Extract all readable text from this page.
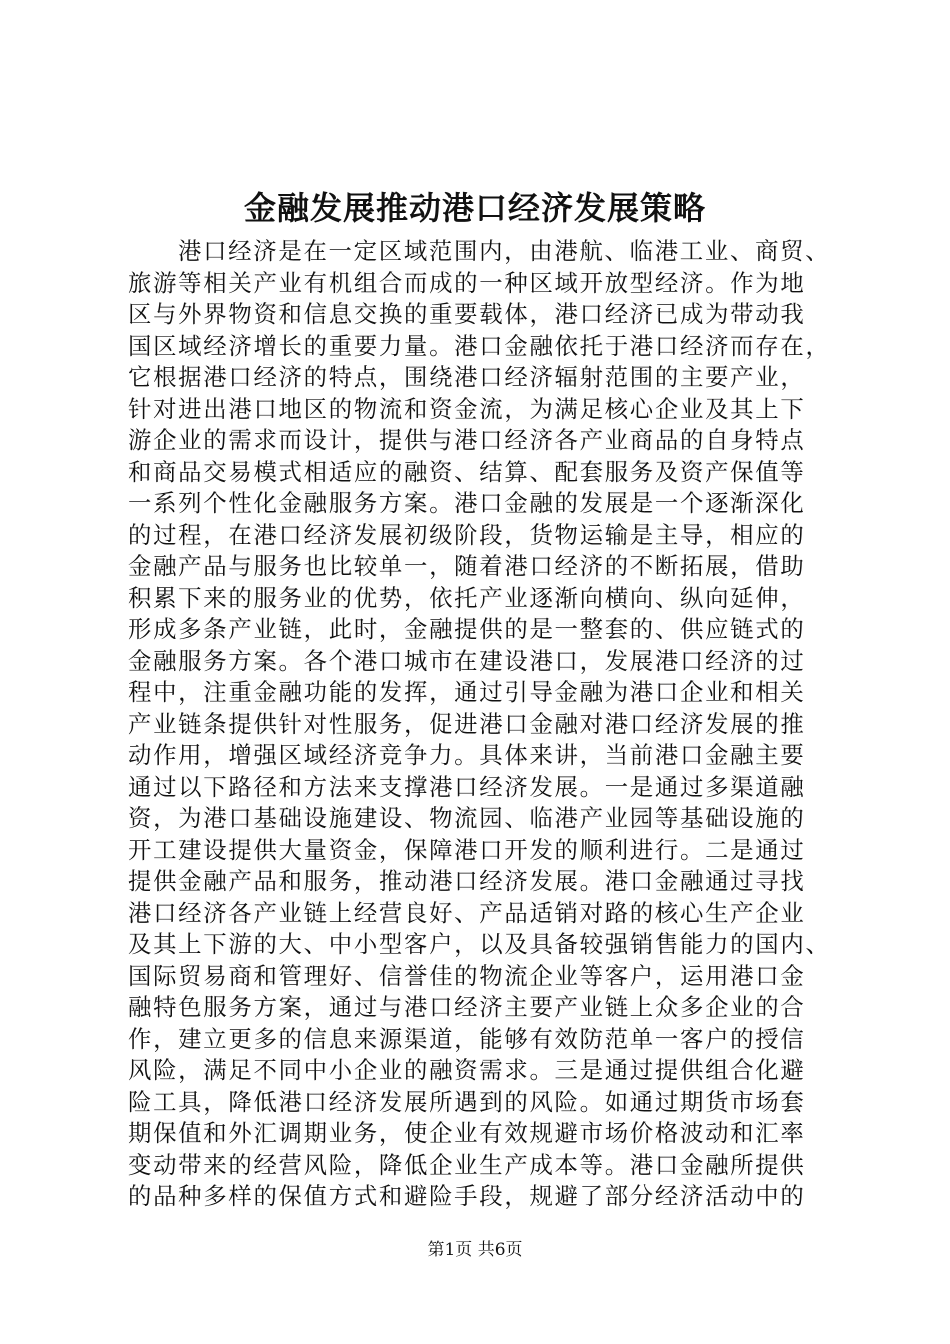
金融发展推动港口经济发展策略
港口经济是在一定区域范围内，由港航、临港工业、商贸、
旅游等相关产业有机组合而成的一种区域开放型经济。作为地
区与外界物资和信息交换的重要载体，港口经济已成为带动我
国区域经济增长的重要力量。港口金融依托于港口经济而存在，
它根据港口经济的特点，围绕港口经济辐射范围的主要产业，
针对进出港口地区的物流和资金流，为满足核心企业及其上下
游企业的需求而设计，提供与港口经济各产业商品的自身特点
和商品交易模式相适应的融资、结算、配套服务及资产保值等
一系列个性化金融服务方案。港口金融的发展是一个逐渐深化
的过程，在港口经济发展初级阶段，货物运输是主导，相应的
金融产品与服务也比较单一，随着港口经济的不断拓展，借助
积累下来的服务业的优势，依托产业逐渐向横向、纵向延伸，
形成多条产业链，此时，金融提供的是一整套的、供应链式的
金融服务方案。各个港口城市在建设港口，发展港口经济的过
程中，注重金融功能的发挥，通过引导金融为港口企业和相关
产业链条提供针对性服务，促进港口金融对港口经济发展的推
动作用，增强区域经济竞争力。具体来讲，当前港口金融主要
通过以下路径和方法来支撑港口经济发展。一是通过多渠道融
资，为港口基础设施建设、物流园、临港产业园等基础设施的
开工建设提供大量资金，保障港口开发的顺利进行。二是通过
提供金融产品和服务，推动港口经济发展。港口金融通过寻找
港口经济各产业链上经营良好、产品适销对路的核心生产企业
及其上下游的大、中小型客户，以及具备较强销售能力的国内、
国际贸易商和管理好、信誉佳的物流企业等客户，运用港口金
融特色服务方案，通过与港口经济主要产业链上众多企业的合
作，建立更多的信息来源渠道，能够有效防范单一客户的授信
风险，满足不同中小企业的融资需求。三是通过提供组合化避
险工具，降低港口经济发展所遇到的风险。如通过期货市场套
期保值和外汇调期业务，使企业有效规避市场价格波动和汇率
变动带来的经营风险，降低企业生产成本等。港口金融所提供
的品种多样的保值方式和避险手段，规避了部分经济活动中的
第1页 共6页
